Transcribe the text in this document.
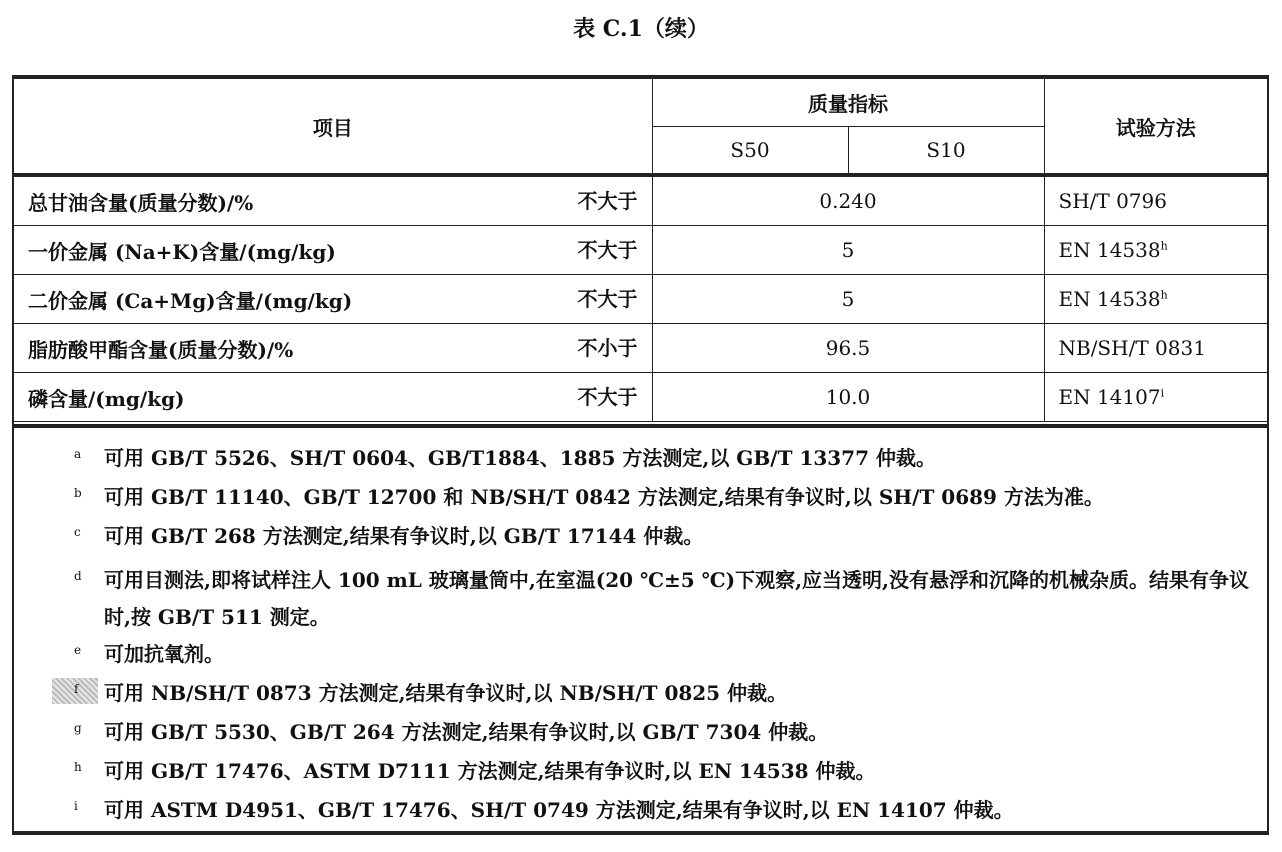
表 C.1（续）
项目	质量指标		试验方法
	S50	S10	
总甘油含量(质量分数)/% 不大于	0.240		SH/T 0796
一价金属 (Na+K)含量/(mg/kg) 不大于	5		EN 14538$^h$
二价金属 (Ca+Mg)含量/(mg/kg) 不大于	5		EN 14538$^h$
脂肪酸甲酯含量(质量分数)/% 不小于	96.5		NB/SH/T 0831
磷含量/(mg/kg) 不大于	10.0		EN 14107$^i$
a	可用 GB/T 5526、SH/T 0604、GB/T1884、1885 方法测定,以 GB/T 13377 仲裁。
b	可用 GB/T 11140、GB/T 12700 和 NB/SH/T 0842 方法测定,结果有争议时,以 SH/T 0689 方法为准。
c	可用 GB/T 268 方法测定,结果有争议时,以 GB/T 17144 仲裁。
d	可用目测法,即将试样注人 100 mL 玻璃量筒中,在室温(20 ℃±5 ℃)下观察,应当透明,没有悬浮和沉降的机械杂质。结果有争议时,按 GB/T 511 测定。
e	可加抗氧剂。
f	可用 NB/SH/T 0873 方法测定,结果有争议时,以 NB/SH/T 0825 仲裁。
g	可用 GB/T 5530、GB/T 264 方法测定,结果有争议时,以 GB/T 7304 仲裁。
h	可用 GB/T 17476、ASTM D7111 方法测定,结果有争议时,以 EN 14538 仲裁。
i	可用 ASTM D4951、GB/T 17476、SH/T 0749 方法测定,结果有争议时,以 EN 14107 仲裁。
